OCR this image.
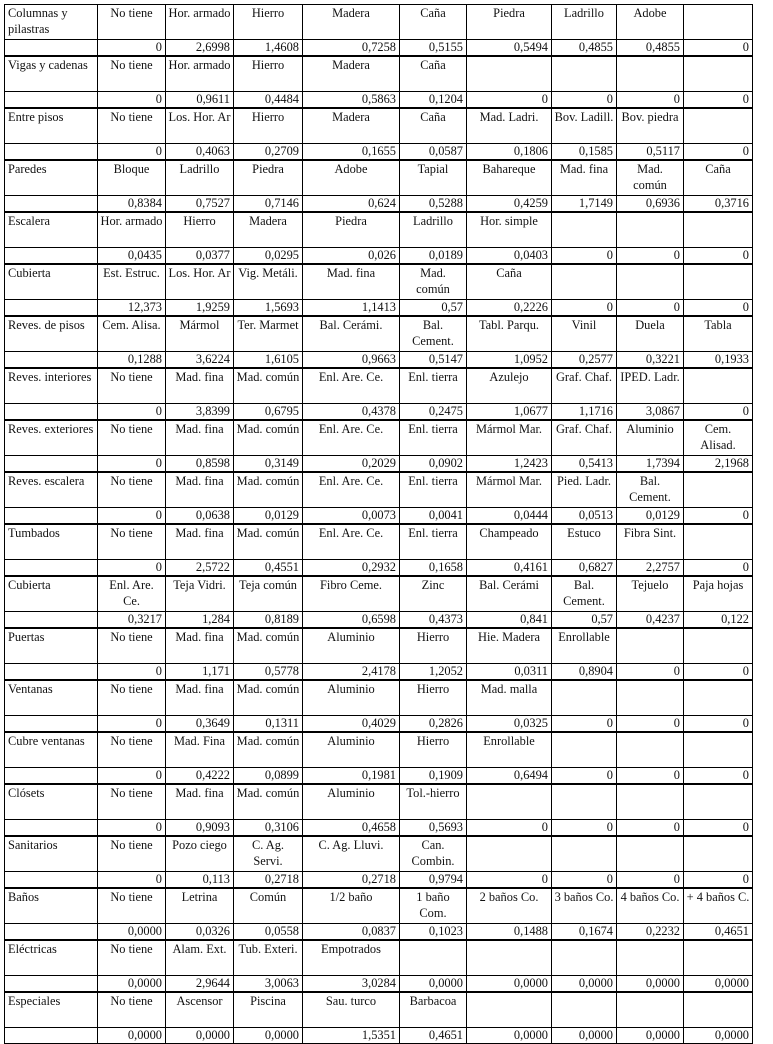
Columnas y pilastras	No tiene	Hor. armado	Hierro	Madera	Caña	Piedra	Ladrillo	Adobe	
	0	2,6998	1,4608	0,7258	0,5155	0,5494	0,4855	0,4855	0
Vigas y cadenas	No tiene	Hor. armado	Hierro	Madera	Caña				
	0	0,9611	0,4484	0,5863	0,1204	0	0	0	0
Entre pisos	No tiene	Los. Hor. Ar	Hierro	Madera	Caña	Mad. Ladri.	Bov. Ladill.	Bov. piedra	
	0	0,4063	0,2709	0,1655	0,0587	0,1806	0,1585	0,5117	0
Paredes	Bloque	Ladrillo	Piedra	Adobe	Tapial	Bahareque	Mad. fina	Mad. común	Caña
	0,8384	0,7527	0,7146	0,624	0,5288	0,4259	1,7149	0,6936	0,3716
Escalera	Hor. armado	Hierro	Madera	Piedra	Ladrillo	Hor. simple			
	0,0435	0,0377	0,0295	0,026	0,0189	0,0403	0	0	0
Cubierta	Est. Estruc.	Los. Hor. Ar	Vig. Metáli.	Mad. fina	Mad. común	Caña			
	12,373	1,9259	1,5693	1,1413	0,57	0,2226	0	0	0
Reves. de pisos	Cem. Alisa.	Mármol	Ter. Marmet	Bal. Cerámi.	Bal. Cement.	Tabl. Parqu.	Vinil	Duela	Tabla
	0,1288	3,6224	1,6105	0,9663	0,5147	1,0952	0,2577	0,3221	0,1933
Reves. interiores	No tiene	Mad. fina	Mad. común	Enl. Are. Ce.	Enl. tierra	Azulejo	Graf. Chaf.	IPED. Ladr.	
	0	3,8399	0,6795	0,4378	0,2475	1,0677	1,1716	3,0867	0
Reves. exteriores	No tiene	Mad. fina	Mad. común	Enl. Are. Ce.	Enl. tierra	Mármol Mar.	Graf. Chaf.	Aluminio	Cem. Alisad.
	0	0,8598	0,3149	0,2029	0,0902	1,2423	0,5413	1,7394	2,1968
Reves. escalera	No tiene	Mad. fina	Mad. común	Enl. Are. Ce.	Enl. tierra	Mármol Mar.	Pied. Ladr.	Bal. Cement.	
	0	0,0638	0,0129	0,0073	0,0041	0,0444	0,0513	0,0129	0
Tumbados	No tiene	Mad. fina	Mad. común	Enl. Are. Ce.	Enl. tierra	Champeado	Estuco	Fibra Sint.	
	0	2,5722	0,4551	0,2932	0,1658	0,4161	0,6827	2,2757	0
Cubierta	Enl. Are. Ce.	Teja Vidri.	Teja común	Fibro Ceme.	Zinc	Bal. Cerámi	Bal. Cement.	Tejuelo	Paja hojas
	0,3217	1,284	0,8189	0,6598	0,4373	0,841	0,57	0,4237	0,122
Puertas	No tiene	Mad. fina	Mad. común	Aluminio	Hierro	Hie. Madera	Enrollable		
	0	1,171	0,5778	2,4178	1,2052	0,0311	0,8904	0	0
Ventanas	No tiene	Mad. fina	Mad. común	Aluminio	Hierro	Mad. malla			
	0	0,3649	0,1311	0,4029	0,2826	0,0325	0	0	0
Cubre ventanas	No tiene	Mad. Fina	Mad. común	Aluminio	Hierro	Enrollable			
	0	0,4222	0,0899	0,1981	0,1909	0,6494	0	0	0
Clósets	No tiene	Mad. fina	Mad. común	Aluminio	Tol.-hierro				
	0	0,9093	0,3106	0,4658	0,5693	0	0	0	0
Sanitarios	No tiene	Pozo ciego	C. Ag. Servi.	C. Ag. Lluvi.	Can. Combin.				
	0	0,113	0,2718	0,2718	0,9794	0	0	0	0
Baños	No tiene	Letrina	Común	1/2 baño	1 baño Com.	2 baños Co.	3 baños Co.	4 baños Co.	+ 4 baños C.
	0,0000	0,0326	0,0558	0,0837	0,1023	0,1488	0,1674	0,2232	0,4651
Eléctricas	No tiene	Alam. Ext.	Tub. Exteri.	Empotrados					
	0,0000	2,9644	3,0063	3,0284	0,0000	0,0000	0,0000	0,0000	0,0000
Especiales	No tiene	Ascensor	Piscina	Sau. turco	Barbacoa				
	0,0000	0,0000	0,0000	1,5351	0,4651	0,0000	0,0000	0,0000	0,0000
